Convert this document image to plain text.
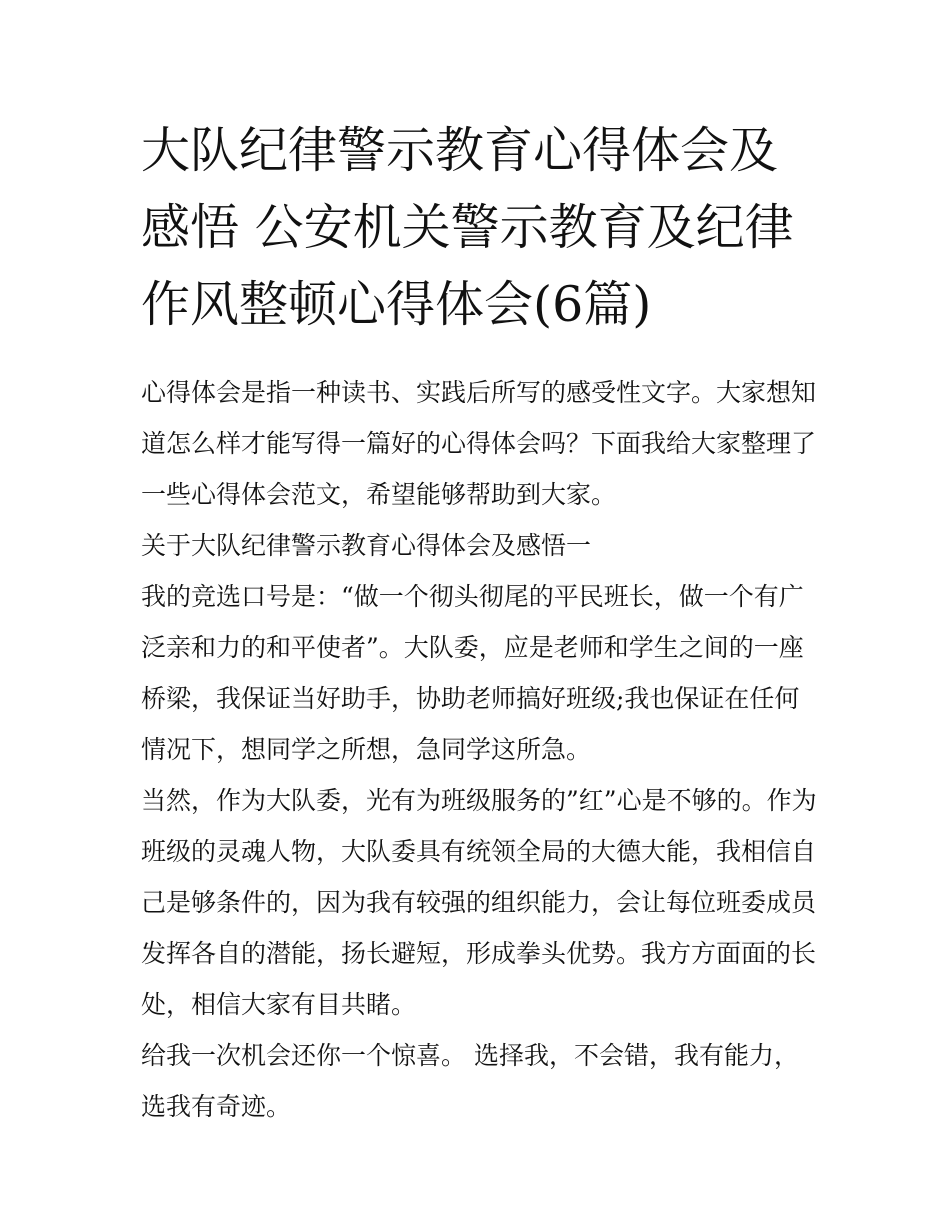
大队纪律警示教育心得体会及感悟 公安机关警示教育及纪律作风整顿心得体会(6篇)

心得体会是指一种读书、实践后所写的感受性文字。大家想知道怎么样才能写得一篇好的心得体会吗？下面我给大家整理了一些心得体会范文，希望能够帮助到大家。

关于大队纪律警示教育心得体会及感悟一

我的竞选口号是：“做一个彻头彻尾的平民班长，做一个有广泛亲和力的和平使者”。大队委，应是老师和学生之间的一座桥梁，我保证当好助手，协助老师搞好班级;我也保证在任何情况下，想同学之所想，急同学这所急。

当然，作为大队委，光有为班级服务的”红”心是不够的。作为班级的灵魂人物，大队委具有统领全局的大德大能，我相信自己是够条件的，因为我有较强的组织能力，会让每位班委成员发挥各自的潜能，扬长避短，形成拳头优势。我方方面面的长处，相信大家有目共睹。

给我一次机会还你一个惊喜。 选择我，不会错，我有能力，选我有奇迹。
